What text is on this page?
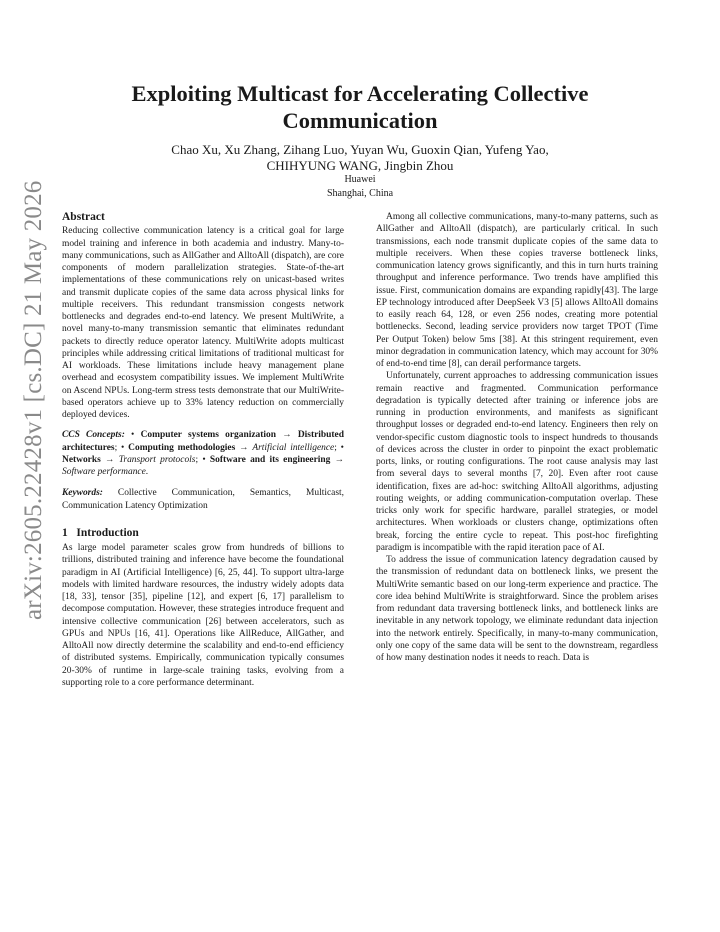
arXiv:2605.22428v1 [cs.DC] 21 May 2026
Exploiting Multicast for Accelerating Collective Communication
Chao Xu, Xu Zhang, Zihang Luo, Yuyan Wu, Guoxin Qian, Yufeng Yao,
CHIHYUNG WANG, Jingbin Zhou
Huawei
Shanghai, China
Abstract

Reducing collective communication latency is a critical goal for large model training and inference in both academia and industry. Many-to-many communications, such as AllGather and AlltoAll (dispatch), are core components of modern parallelization strategies. State-of-the-art implementations of these communications rely on unicast-based writes and transmit duplicate copies of the same data across physical links for multiple receivers. This redundant transmission congests network bottlenecks and degrades end-to-end latency. We present MultiWrite, a novel many-to-many transmission semantic that eliminates redundant packets to directly reduce operator latency. MultiWrite adopts multicast principles while addressing critical limitations of traditional multicast for AI workloads. These limitations include heavy management plane overhead and ecosystem compatibility issues. We implement MultiWrite on Ascend NPUs. Long-term stress tests demonstrate that our MultiWrite-based operators achieve up to 33% latency reduction on commercially deployed devices.

CCS Concepts: • Computer systems organization → Distributed architectures; • Computing methodologies → Artificial intelligence; • Networks → Transport protocols; • Software and its engineering → Software performance.

Keywords: Collective Communication, Semantics, Multicast, Communication Latency Optimization

1 Introduction

As large model parameter scales grow from hundreds of billions to trillions, distributed training and inference have become the foundational paradigm in AI (Artificial Intelligence) [6, 25, 44]. To support ultra-large models with limited hardware resources, the industry widely adopts data [18, 33], tensor [35], pipeline [12], and expert [6, 17] parallelism to decompose computation. However, these strategies introduce frequent and intensive collective communication [26] between accelerators, such as GPUs and NPUs [16, 41]. Operations like AllReduce, AllGather, and AlltoAll now directly determine the scalability and end-to-end efficiency of distributed systems. Empirically, communication typically consumes 20-30% of runtime in large-scale training tasks, evolving from a supporting role to a core performance determinant.

Among all collective communications, many-to-many patterns, such as AllGather and AlltoAll (dispatch), are particularly critical. In such transmissions, each node transmit duplicate copies of the same data to multiple receivers. When these copies traverse bottleneck links, communication latency grows significantly, and this in turn hurts training throughput and inference performance. Two trends have amplified this issue. First, communication domains are expanding rapidly[43]. The large EP technology introduced after DeepSeek V3 [5] allows AlltoAll domains to easily reach 64, 128, or even 256 nodes, creating more potential bottlenecks. Second, leading service providers now target TPOT (Time Per Output Token) below 5ms [38]. At this stringent requirement, even minor degradation in communication latency, which may account for 30% of end-to-end time [8], can derail performance targets.

Unfortunately, current approaches to addressing communication issues remain reactive and fragmented. Communication performance degradation is typically detected after training or inference jobs are running in production environments, and manifests as significant throughput losses or degraded end-to-end latency. Engineers then rely on vendor-specific custom diagnostic tools to inspect hundreds to thousands of devices across the cluster in order to pinpoint the exact problematic ports, links, or routing configurations. The root cause analysis may last from several days to several months [7, 20]. Even after root cause identification, fixes are ad-hoc: switching AlltoAll algorithms, adjusting routing weights, or adding communication-computation overlap. These tricks only work for specific hardware, parallel strategies, or model architectures. When workloads or clusters change, optimizations often break, forcing the entire cycle to repeat. This post-hoc firefighting paradigm is incompatible with the rapid iteration pace of AI.

To address the issue of communication latency degradation caused by the transmission of redundant data on bottleneck links, we present the MultiWrite semantic based on our long-term experience and practice. The core idea behind MultiWrite is straightforward. Since the problem arises from redundant data traversing bottleneck links, and bottleneck links are inevitable in any network topology, we eliminate redundant data injection into the network entirely. Specifically, in many-to-many communication, only one copy of the same data will be sent to the downstream, regardless of how many destination nodes it needs to reach. Data is
